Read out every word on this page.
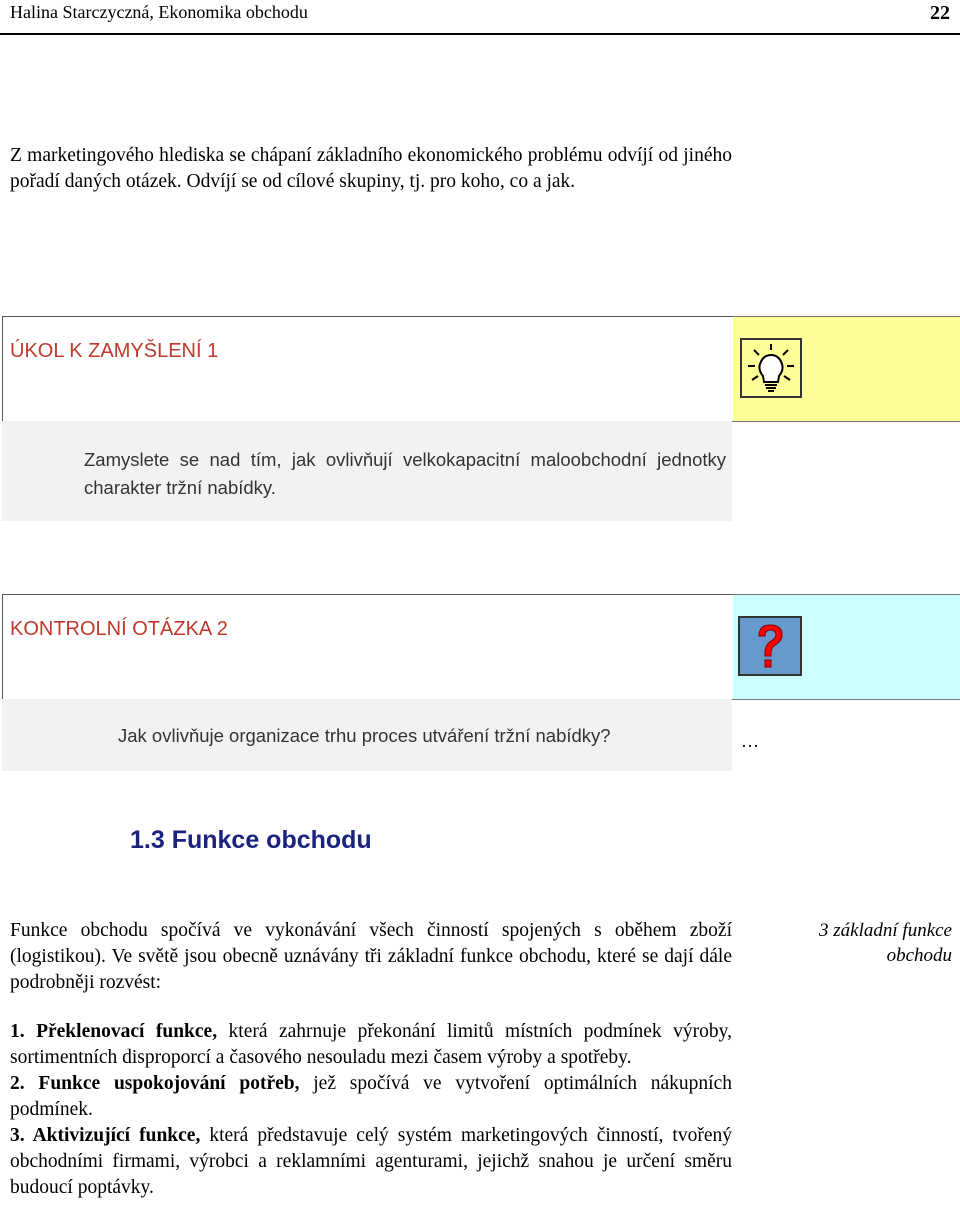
Halina Starczyczná, Ekonomika obchodu	22
Z marketingového hlediska se chápaní základního ekonomického problému odvíjí od jiného pořadí daných otázek. Odvíjí se od cílové skupiny, tj. pro koho, co a jak.
ÚKOL K ZAMYŠLENÍ 1
Zamyslete se nad tím, jak ovlivňují velkokapacitní maloobchodní jednotky charakter tržní nabídky.
KONTROLNÍ OTÁZKA 2
Jak ovlivňuje organizace trhu proces utváření tržní nabídky?	…
1.3 Funkce obchodu
Funkce obchodu spočívá ve vykonávání všech činností spojených s oběhem zboží (logistikou). Ve světě jsou obecně uznávány tři základní funkce obchodu, které se dají dále podrobněji rozvést:
3 základní funkce obchodu

1. Překlenovací funkce, která zahrnuje překonání limitů místních podmínek výroby, sortimentních disproporcí a časového nesouladu mezi časem výroby a spotřeby.

2. Funkce uspokojování potřeb, jež spočívá ve vytvoření optimálních nákupních podmínek.

3. Aktivizující funkce, která představuje celý systém marketingových činností, tvořený obchodními firmami, výrobci a reklamními agenturami, jejichž snahou je určení směru budoucí poptávky.
